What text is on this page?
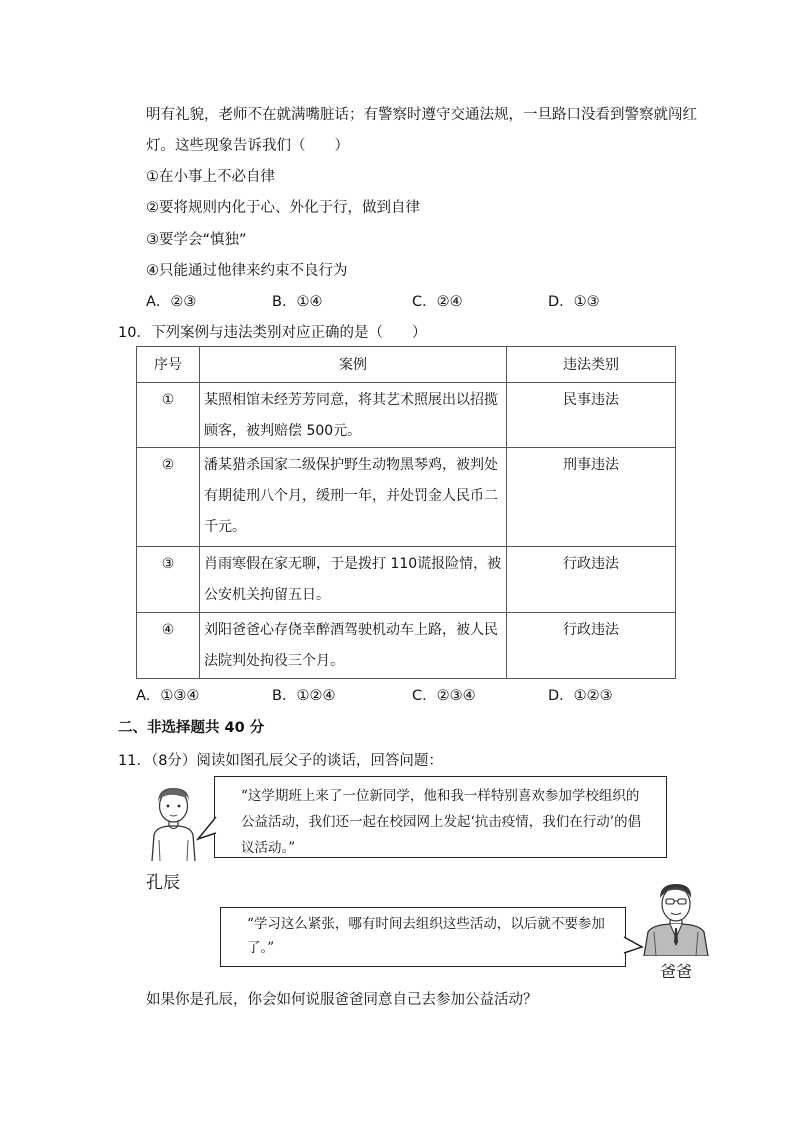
明有礼貌，老师不在就满嘴脏话；有警察时遵守交通法规，一旦路口没看到警察就闯红
灯。这些现象告诉我们（　　）
①在小事上不必自律
②要将规则内化于心、外化于行，做到自律
③要学会“慎独”
④只能通过他律来约束不良行为
A．②③	B．①④	C．②④	D．①③
10．下列案例与违法类别对应正确的是（　　）
序号	案例	违法类别
①	某照相馆未经芳芳同意，将其艺术照展出以招揽顾客，被判赔偿 500元。	民事违法
②	潘某猎杀国家二级保护野生动物黑琴鸡，被判处有期徒刑八个月，缓刑一年，并处罚金人民币二千元。	刑事违法
③	肖雨寒假在家无聊，于是拨打 110谎报险情，被公安机关拘留五日。	行政违法
④	刘阳爸爸心存侥幸醉酒驾驶机动车上路，被人民法院判处拘役三个月。	行政违法
A．①③④	B．①②④	C．②③④	D．①②③
二、非选择题共 40 分
11．（8分）阅读如图孔辰父子的谈话，回答问题：
孔辰
“这学期班上来了一位新同学，他和我一样特别喜欢参加学校组织的公益活动，我们还一起在校园网上发起‘抗击疫情，我们在行动’的倡议活动。”
“学习这么紧张，哪有时间去组织这些活动，以后就不要参加了。”
爸爸
如果你是孔辰，你会如何说服爸爸同意自己去参加公益活动？
